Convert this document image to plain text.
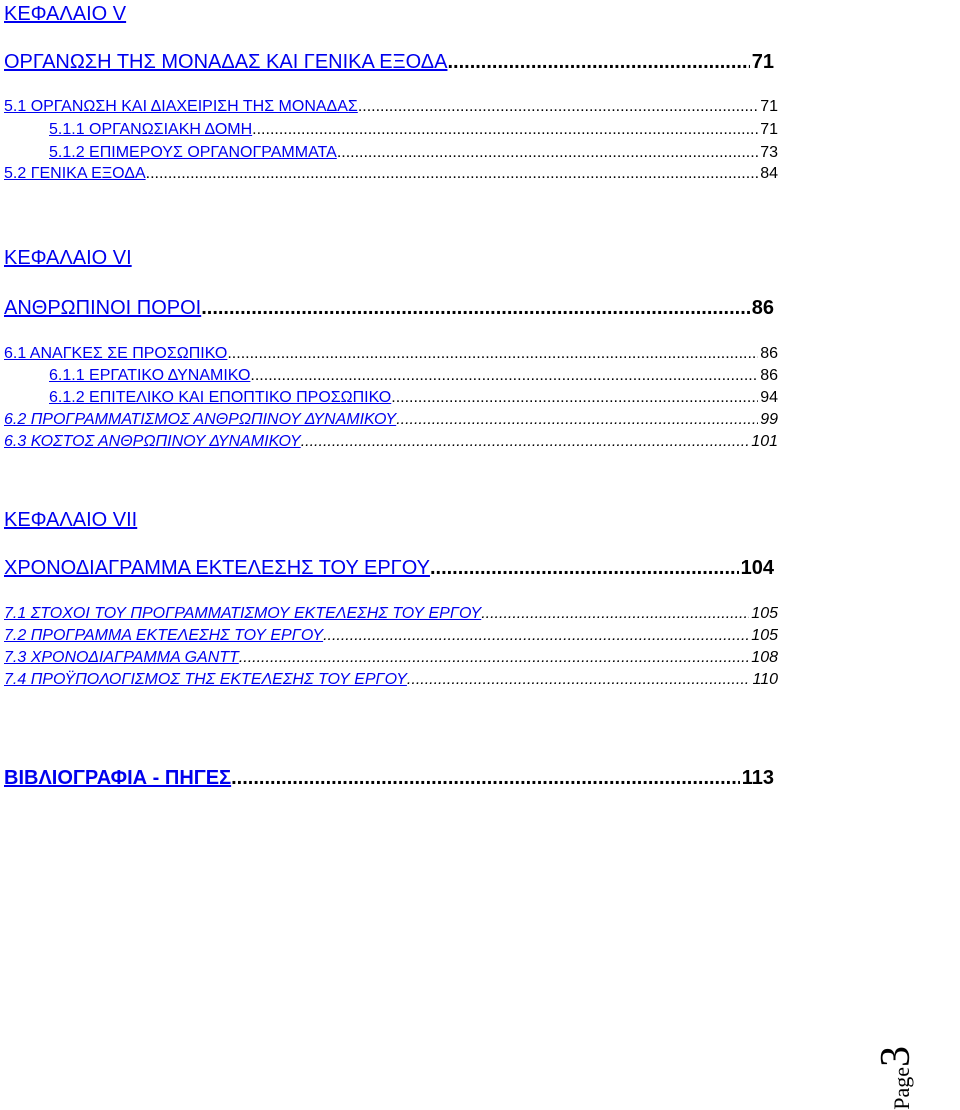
ΚΕΦΑΛΑΙΟ V
ΟΡΓΑΝΩΣΗ ΤΗΣ ΜΟΝΑΔΑΣ ΚΑΙ ΓΕΝΙΚΑ ΕΞΟΔΑ .....	71
5.1 ΟΡΓΑΝΩΣΗ ΚΑΙ ΔΙΑΧΕΙΡΙΣΗ ΤΗΣ ΜΟΝΑΔΑΣ .....	71
5.1.1 ΟΡΓΑΝΩΣΙΑΚΗ ΔΟΜΗ .....	71
5.1.2 ΕΠΙΜΕΡΟΥΣ ΟΡΓΑΝΟΓΡΑΜΜΑΤΑ .....	73
5.2 ΓΕΝΙΚΑ ΕΞΟΔΑ .....	84
ΚΕΦΑΛΑΙΟ VI
ΑΝΘΡΩΠΙΝΟΙ ΠΟΡΟΙ .....	86
6.1 ΑΝΑΓΚΕΣ ΣΕ ΠΡΟΣΩΠΙΚΟ .....	86
6.1.1 ΕΡΓΑΤΙΚΟ ΔΥΝΑΜΙΚΟ .....	86
6.1.2 ΕΠΙΤΕΛΙΚΟ ΚΑΙ ΕΠΟΠΤΙΚΟ ΠΡΟΣΩΠΙΚΟ .....	94
6.2 ΠΡΟΓΡΑΜΜΑΤΙΣΜΟΣ ΑΝΘΡΩΠΙΝΟΥ ΔΥΝΑΜΙΚΟΥ .....	99
6.3 ΚΟΣΤΟΣ ΑΝΘΡΩΠΙΝΟΥ ΔΥΝΑΜΙΚΟΥ .....	101
ΚΕΦΑΛΑΙΟ VII
ΧΡΟΝΟΔΙΑΓΡΑΜΜΑ ΕΚΤΕΛΕΣΗΣ ΤΟΥ ΕΡΓΟΥ .....	104
7.1 ΣΤΟΧΟΙ ΤΟΥ ΠΡΟΓΡΑΜΜΑΤΙΣΜΟΥ ΕΚΤΕΛΕΣΗΣ ΤΟΥ ΕΡΓΟΥ .....	105
7.2 ΠΡΟΓΡΑΜΜΑ ΕΚΤΕΛΕΣΗΣ ΤΟΥ ΕΡΓΟΥ .....	105
7.3 ΧΡΟΝΟΔΙΑΓΡΑΜΜΑ GANTT .....	108
7.4 ΠΡΟΫΠΟΛΟΓΙΣΜΟΣ ΤΗΣ ΕΚΤΕΛΕΣΗΣ ΤΟΥ ΕΡΓΟΥ .....	110
ΒΙΒΛΙΟΓΡΑΦΙΑ - ΠΗΓΕΣ .....	113
Page3
